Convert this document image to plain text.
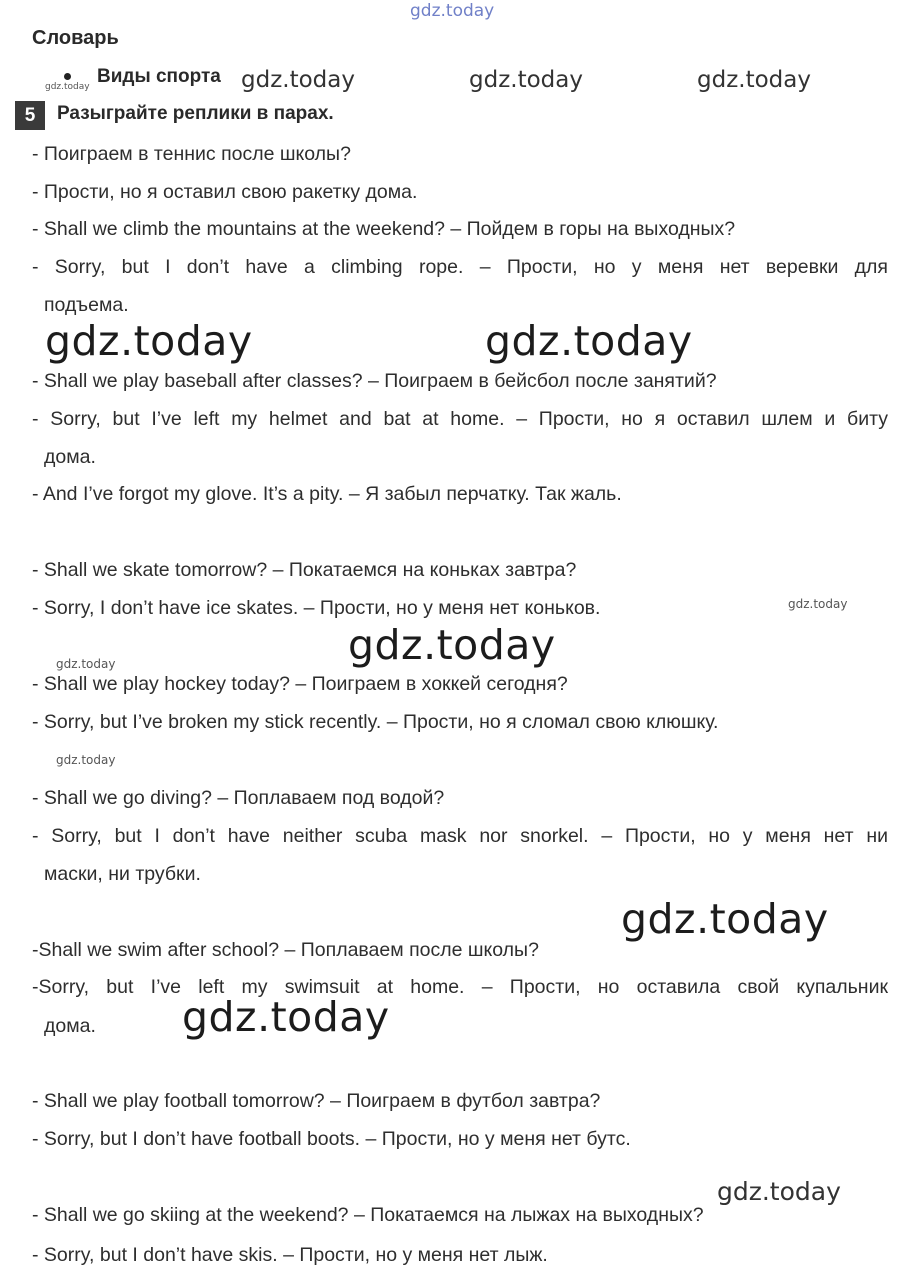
gdz.today
Словарь
gdz.today Виды спорта gdz.today	gdz.today	gdz.today
5	Разыграйте реплики в парах.
- Поиграем в теннис после школы?
- Прости, но я оставил свою ракетку дома.
- Shall we climb the mountains at the weekend? – Пойдем в горы на выходных?
- Sorry, but I don’t have a climbing rope. – Прости, но у меня нет веревки для
подъема.
gdz.today	gdz.today
- Shall we play baseball after classes? – Поиграем в бейсбол после занятий?
- Sorry, but I’ve left my helmet and bat at home. – Прости, но я оставил шлем и биту
дома.
- And I’ve forgot my glove. It’s a pity. – Я забыл перчатку. Так жаль.
- Shall we skate tomorrow? – Покатаемся на коньках завтра?
- Sorry, I don’t have ice skates. – Прости, но у меня нет коньков.	gdz.today
gdz.today
gdz.today
- Shall we play hockey today? – Поиграем в хоккей сегодня?
- Sorry, but I’ve broken my stick recently. – Прости, но я сломал свою клюшку.
gdz.today
- Shall we go diving? – Поплаваем под водой?
- Sorry, but I don’t have neither scuba mask nor snorkel. – Прости, но у меня нет ни
маски, ни трубки.
gdz.today
-Shall we swim after school? – Поплаваем после школы?
-Sorry, but I’ve left my swimsuit at home. – Прости, но оставила свой купальник
дома. gdz.today
- Shall we play football tomorrow? – Поиграем в футбол завтра?
- Sorry, but I don’t have football boots. – Прости, но у меня нет бутс.
gdz.today
- Shall we go skiing at the weekend? – Покатаемся на лыжах на выходных?
- Sorry, but I don’t have skis. – Прости, но у меня нет лыж.
